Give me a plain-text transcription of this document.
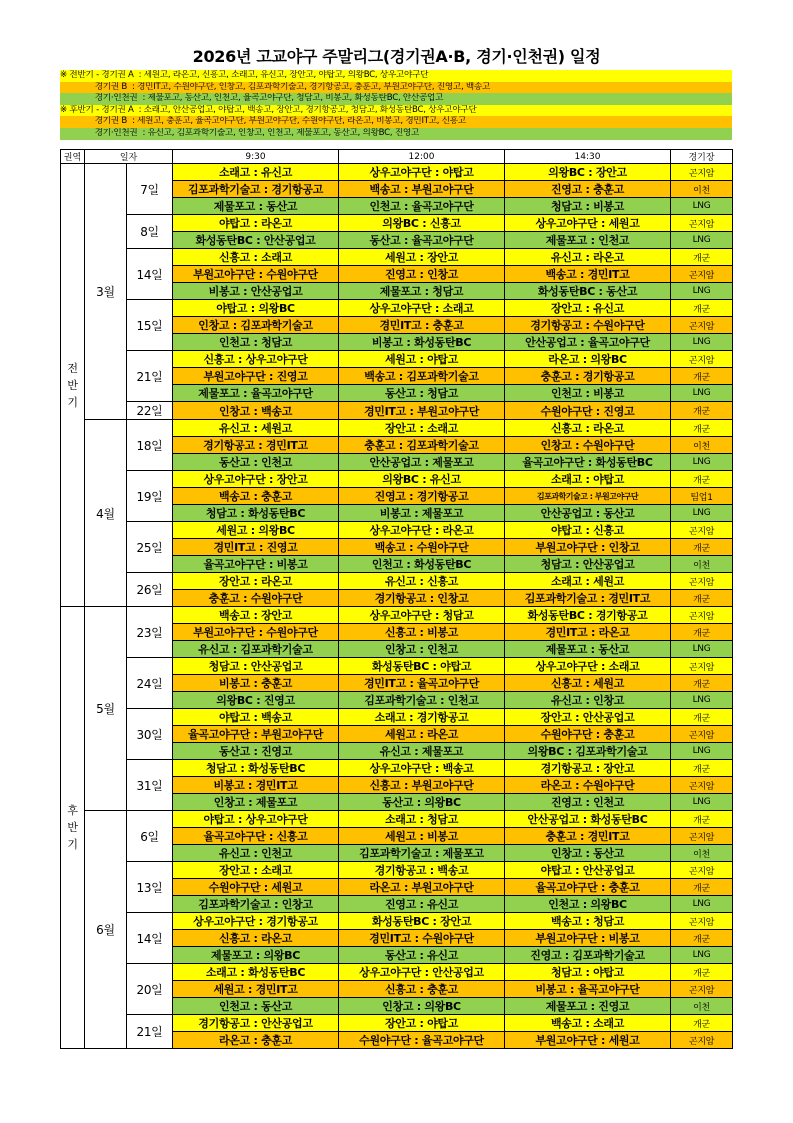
2026년 고교야구 주말리그(경기권A·B, 경기·인천권) 일정
※ 전반기 - 경기권 A  : 세원고, 라온고, 신흥고, 소래고, 유신고, 장안고, 야탑고, 의왕BC, 상우고야구단
경기권 B  : 경민IT고, 수원야구단, 인창고, 김포과학기술고, 경기항공고, 충훈고, 부원고야구단, 진영고, 백송고
경기·인천권  : 제물포고, 동산고, 인천고, 율곡고야구단, 청담고, 비봉고, 화성동탄BC, 안산공업고
※ 후반기 - 경기권 A  : 소래고, 안산공업고, 야탑고, 백송고, 장안고, 경기항공고, 청담고, 화성동탄BC, 상우고야구단
경기권 B  : 세원고, 충훈고, 율곡고야구단, 부원고야구단, 수원야구단, 라온고, 비봉고, 경민IT고, 신흥고
경기·인천권  : 유신고, 김포과학기술고, 인창고, 인천고, 제물포고, 동산고, 의왕BC, 진영고
권역	일자		9:30	12:00	14:30	경기장

전
반
기	3월	7일	소래고 : 유신고	상우고야구단 : 야탑고	의왕BC : 장안고	곤지암
			김포과학기술고 : 경기항공고	백송고 : 부원고야구단	진영고 : 충훈고	이천
			제물포고 : 동산고	인천고 : 율곡고야구단	청담고 : 비봉고	LNG
		8일	야탑고 : 라온고	의왕BC : 신흥고	상우고야구단 : 세원고	곤지암
			화성동탄BC : 안산공업고	동산고 : 율곡고야구단	제물포고 : 인천고	LNG
		14일	신흥고 : 소래고	세원고 : 장안고	유신고 : 라온고	개군
			부원고야구단 : 수원야구단	진영고 : 인창고	백송고 : 경민IT고	곤지암
			비봉고 : 안산공업고	제물포고 : 청담고	화성동탄BC : 동산고	LNG
		15일	야탑고 : 의왕BC	상우고야구단 : 소래고	장안고 : 유신고	개군
			인창고 : 김포과학기술고	경민IT고 : 충훈고	경기항공고 : 수원야구단	곤지암
			인천고 : 청담고	비봉고 : 화성동탄BC	안산공업고 : 율곡고야구단	LNG
		21일	신흥고 : 상우고야구단	세원고 : 야탑고	라온고 : 의왕BC	곤지암
			부원고야구단 : 진영고	백송고 : 김포과학기술고	충훈고 : 경기항공고	개군
			제물포고 : 율곡고야구단	동산고 : 청담고	인천고 : 비봉고	LNG
		22일	인창고 : 백송고	경민IT고 : 부원고야구단	수원야구단 : 진영고	개군
	4월	18일	유신고 : 세원고	장안고 : 소래고	신흥고 : 라온고	개군
			경기항공고 : 경민IT고	충훈고 : 김포과학기술고	인창고 : 수원야구단	이천
			동산고 : 인천고	안산공업고 : 제물포고	율곡고야구단 : 화성동탄BC	LNG
		19일	상우고야구단 : 장안고	의왕BC : 유신고	소래고 : 야탑고	개군
			백송고 : 충훈고	진영고 : 경기항공고	김포과학기술고 : 부원고야구단	팀업1
			청담고 : 화성동탄BC	비봉고 : 제물포고	안산공업고 : 동산고	LNG
		25일	세원고 : 의왕BC	상우고야구단 : 라온고	야탑고 : 신흥고	곤지암
			경민IT고 : 진영고	백송고 : 수원야구단	부원고야구단 : 인창고	개군
			율곡고야구단 : 비봉고	인천고 : 화성동탄BC	청담고 : 안산공업고	이천
		26일	장안고 : 라온고	유신고 : 신흥고	소래고 : 세원고	곤지암
			충훈고 : 수원야구단	경기항공고 : 인창고	김포과학기술고 : 경민IT고	개군

후
반
기	5월	23일	백송고 : 장안고	상우고야구단 : 청담고	화성동탄BC : 경기항공고	곤지암
			부원고야구단 : 수원야구단	신흥고 : 비봉고	경민IT고 : 라온고	개군
			유신고 : 김포과학기술고	인창고 : 인천고	제물포고 : 동산고	LNG
		24일	청담고 : 안산공업고	화성동탄BC : 야탑고	상우고야구단 : 소래고	곤지암
			비봉고 : 충훈고	경민IT고 : 율곡고야구단	신흥고 : 세원고	개군
			의왕BC : 진영고	김포과학기술고 : 인천고	유신고 : 인창고	LNG
		30일	야탑고 : 백송고	소래고 : 경기항공고	장안고 : 안산공업고	개군
			율곡고야구단 : 부원고야구단	세원고 : 라온고	수원야구단 : 충훈고	곤지암
			동산고 : 진영고	유신고 : 제물포고	의왕BC : 김포과학기술고	LNG
		31일	청담고 : 화성동탄BC	상우고야구단 : 백송고	경기항공고 : 장안고	개군
			비봉고 : 경민IT고	신흥고 : 부원고야구단	라온고 : 수원야구단	곤지암
			인창고 : 제물포고	동산고 : 의왕BC	진영고 : 인천고	LNG
	6월	6일	야탑고 : 상우고야구단	소래고 : 청담고	안산공업고 : 화성동탄BC	개군
			율곡고야구단 : 신흥고	세원고 : 비봉고	충훈고 : 경민IT고	곤지암
			유신고 : 인천고	김포과학기술고 : 제물포고	인창고 : 동산고	이천
		13일	장안고 : 소래고	경기항공고 : 백송고	야탑고 : 안산공업고	곤지암
			수원야구단 : 세원고	라온고 : 부원고야구단	율곡고야구단 : 충훈고	개군
			김포과학기술고 : 인창고	진영고 : 유신고	인천고 : 의왕BC	LNG
		14일	상우고야구단 : 경기항공고	화성동탄BC : 장안고	백송고 : 청담고	곤지암
			신흥고 : 라온고	경민IT고 : 수원야구단	부원고야구단 : 비봉고	개군
			제물포고 : 의왕BC	동산고 : 유신고	진영고 : 김포과학기술고	LNG
		20일	소래고 : 화성동탄BC	상우고야구단 : 안산공업고	청담고 : 야탑고	개군
			세원고 : 경민IT고	신흥고 : 충훈고	비봉고 : 율곡고야구단	곤지암
			인천고 : 동산고	인창고 : 의왕BC	제물포고 : 진영고	이천
		21일	경기항공고 : 안산공업고	장안고 : 야탑고	백송고 : 소래고	개군
			라온고 : 충훈고	수원야구단 : 율곡고야구단	부원고야구단 : 세원고	곤지암
